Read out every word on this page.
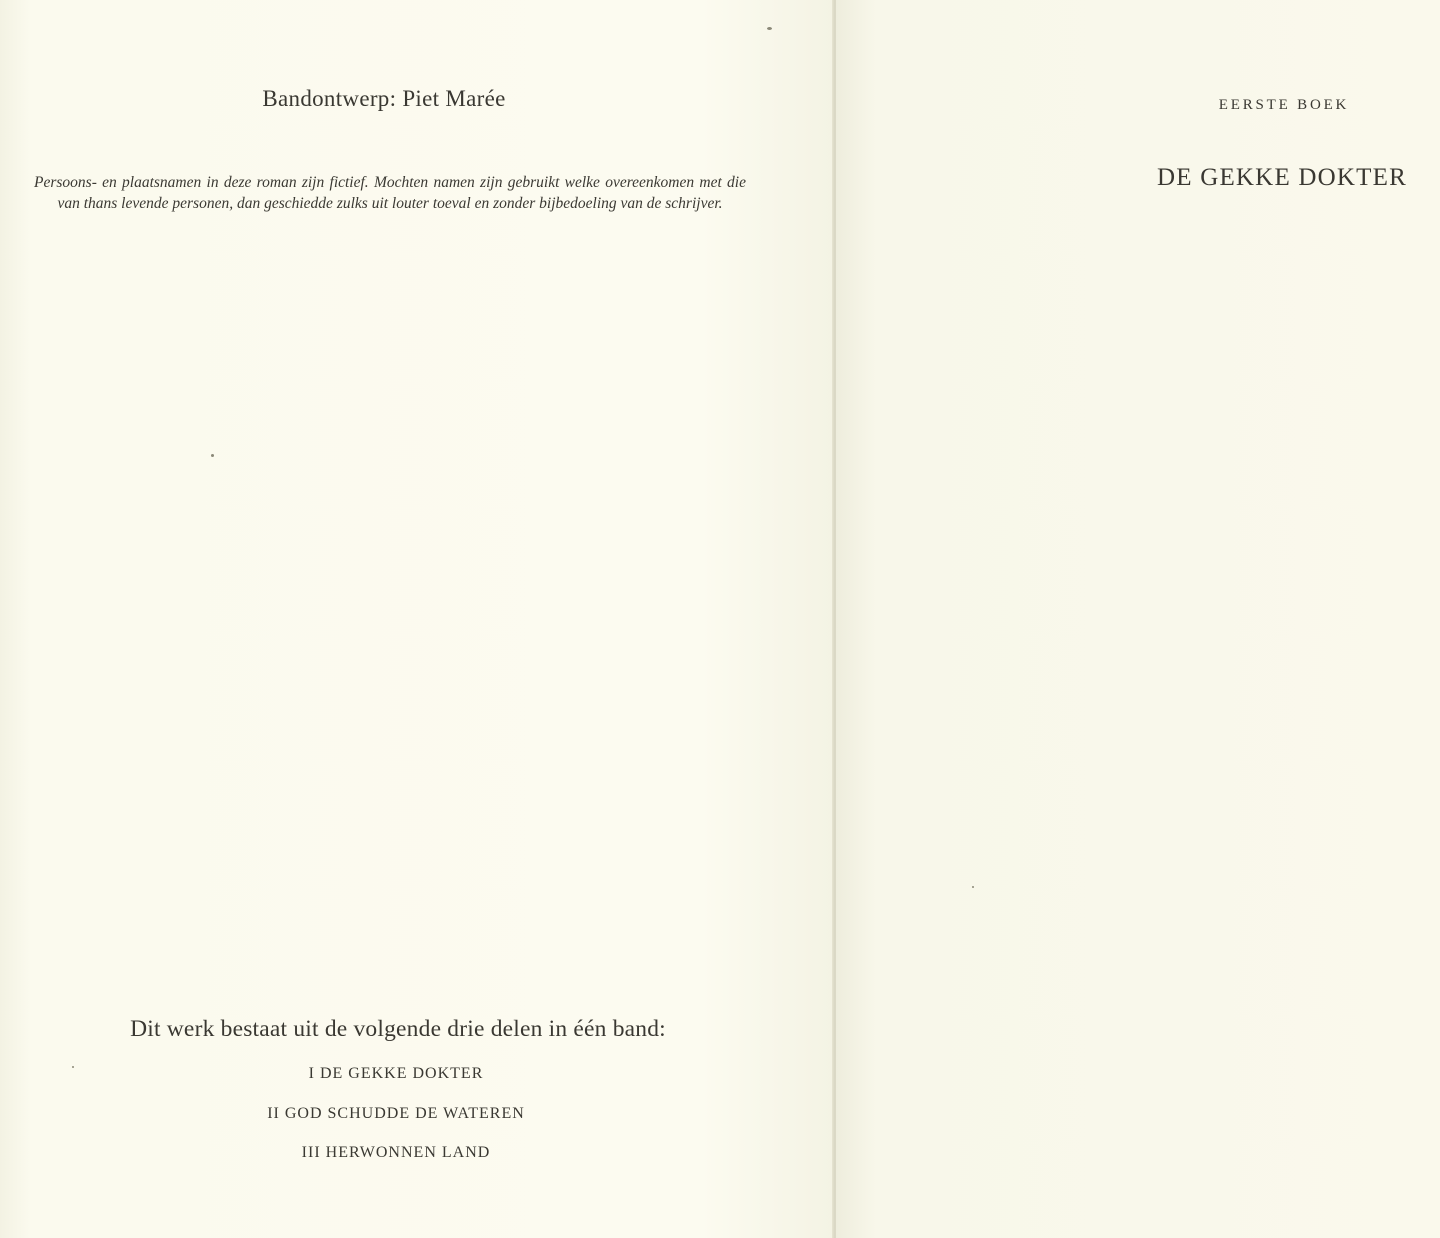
Bandontwerp: Piet Marée
Persoons- en plaatsnamen in deze roman zijn fictief. Mochten namen zijn gebruikt welke overeenkomen met die van thans levende personen, dan geschiedde zulks uit louter toeval en zonder bijbedoeling van de schrijver.
Dit werk bestaat uit de volgende drie delen in één band:
I DE GEKKE DOKTER
II GOD SCHUDDE DE WATEREN
III HERWONNEN LAND
EERSTE BOEK
DE GEKKE DOKTER
